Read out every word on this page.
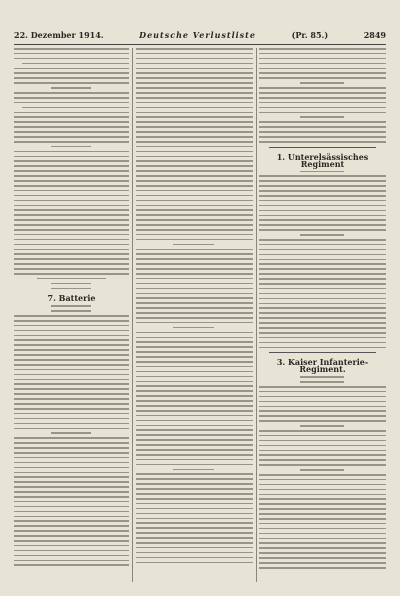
22. Dezember 1914.	Deutsche Verlustliste	(Pr. 85.)	2849
7. Batterie
1. Unterelsässisches Regiment
3. Kaiser Infanterie-Regiment.
